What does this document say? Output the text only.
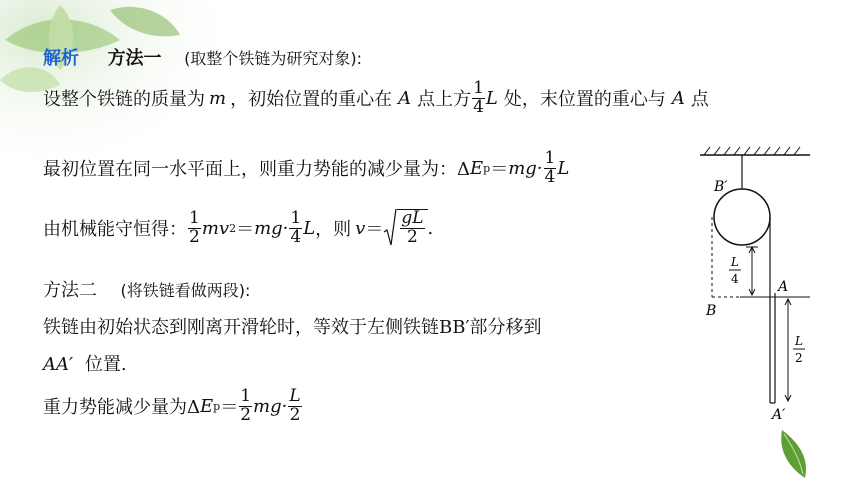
解析 方法一 (取整个铁链为研究对象):
设整个铁链的质量为 m ，初始位置的重心在 A 点上方 $\frac{1}{4}$ L 处，末位置的重心与 A 点
最初位置在同一水平面上，则重力势能的减少量为：Δ E $p = mg\cdot \frac{1}{4}$ L
由机械能守恒得： $\frac{1}{2}$ mv $2 = mg\cdot \frac{1}{4}$ L ，则 $v = \frac{gL}{2}$ .
方法二 (将铁链看做两段):
铁链由初始状态到刚离开滑轮时，等效于左侧铁链BB′部分移到
AA′ 位置.
重力势能减少量为Δ E $p = \frac{1}{2} mg\cdot \frac{L}{2}$
B′
A
B
A′
L
4
L
2
